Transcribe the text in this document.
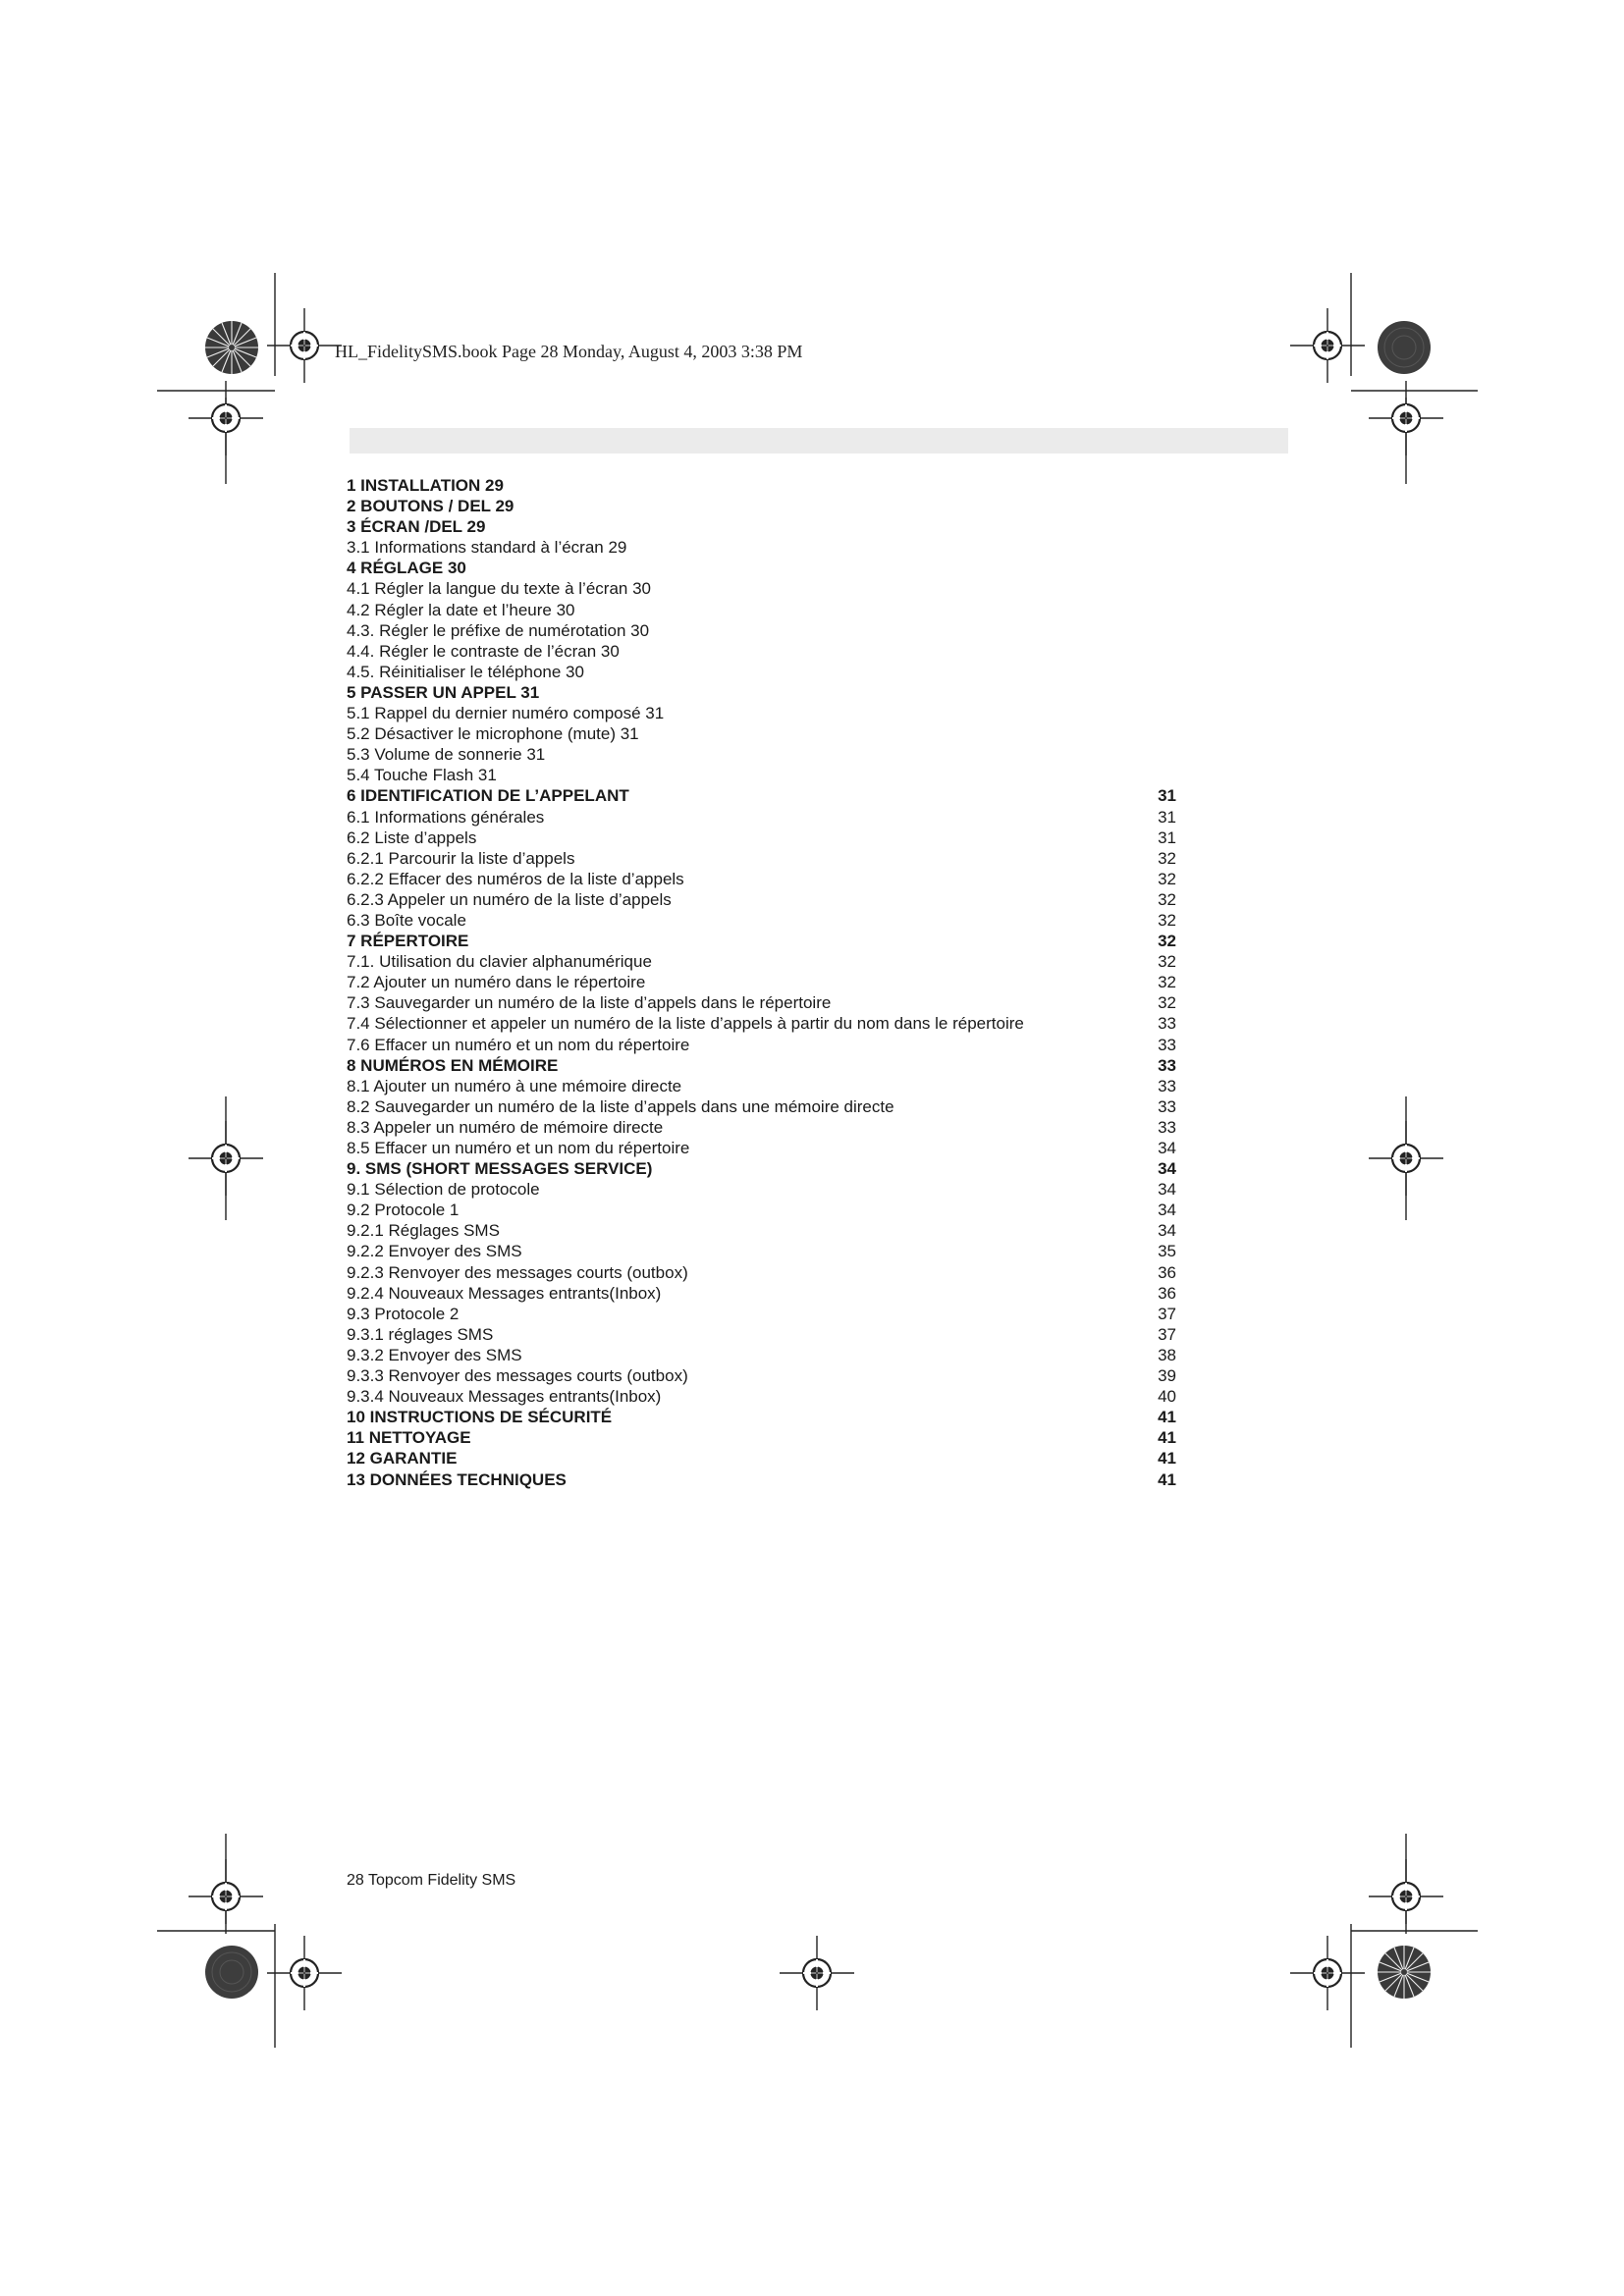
HL_FidelitySMS.book Page 28 Monday, August 4, 2003 3:38 PM
1 INSTALLATION 29
2 BOUTONS / DEL 29
3 ÉCRAN /DEL 29
3.1 Informations standard à l’écran 29
4 RÉGLAGE 30
4.1 Régler la langue du texte à l’écran 30
4.2 Régler la date et l’heure 30
4.3. Régler le préfixe de numérotation 30
4.4. Régler le contraste de l’écran 30
4.5. Réinitialiser le téléphone 30
5 PASSER UN APPEL 31
5.1 Rappel du dernier numéro composé 31
5.2 Désactiver le microphone (mute) 31
5.3 Volume de sonnerie 31
5.4 Touche Flash 31
6 IDENTIFICATION DE L’APPELANT	31
6.1 Informations générales	31
6.2 Liste d’appels	31
6.2.1 Parcourir la liste d’appels	32
6.2.2 Effacer des numéros de la liste d’appels	32
6.2.3 Appeler un numéro de la liste d’appels	32
6.3 Boîte vocale	32
7 RÉPERTOIRE	32
7.1. Utilisation du clavier alphanumérique	32
7.2 Ajouter un numéro dans le répertoire	32
7.3 Sauvegarder un numéro de la liste d’appels dans le répertoire	32
7.4 Sélectionner et appeler un numéro de la liste d’appels à partir du nom dans le répertoire	33
7.6 Effacer un numéro et un nom du répertoire	33
8 NUMÉROS EN MÉMOIRE	33
8.1 Ajouter un numéro à une mémoire directe	33
8.2 Sauvegarder un numéro de la liste d’appels dans une mémoire directe	33
8.3 Appeler un numéro de mémoire directe	33
8.5 Effacer un numéro et un nom du répertoire	34
9. SMS (SHORT MESSAGES SERVICE)	34
9.1 Sélection de protocole	34
9.2 Protocole 1	34
9.2.1 Réglages SMS	34
9.2.2 Envoyer des SMS	35
9.2.3 Renvoyer des messages courts (outbox)	36
9.2.4 Nouveaux Messages entrants(Inbox)	36
9.3 Protocole 2	37
9.3.1 réglages SMS	37
9.3.2 Envoyer des SMS	38
9.3.3 Renvoyer des messages courts (outbox)	39
9.3.4 Nouveaux Messages entrants(Inbox)	40
10 INSTRUCTIONS DE SÉCURITÉ	41
11 NETTOYAGE	41
12 GARANTIE	41
13 DONNÉES TECHNIQUES	41
28 Topcom Fidelity SMS
